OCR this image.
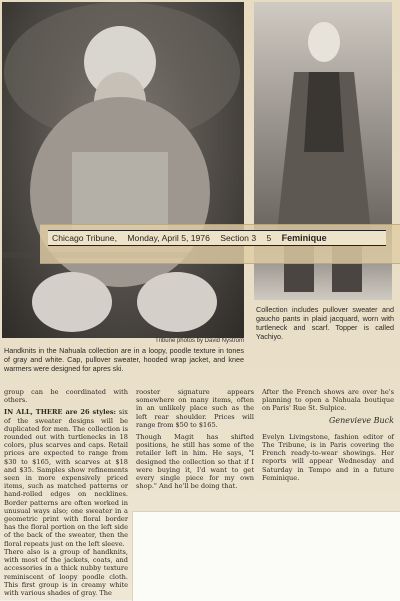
Tribune photos by David Nystrom
Chicago Tribune, Monday, April 5, 1976 Section 3 5 Feminique
Handknits in the Nahuala collection are in a loopy, poodle texture in tones of gray and white. Cap, pullover sweater, hooded wrap jacket, and knee warmers were designed for apres ski.
Collection includes pullover sweater and gaucho pants in plaid jacquard, worn with turtleneck and scarf. Topper is called Yachiyo.

group can be coordinated with others.

IN ALL, THERE are 26 styles: six of the sweater designs will be duplicated for men. The collection is rounded out with turtlenecks in 18 colors, plus scarves and caps. Retail prices are expected to range from $30 to $165, with scarves at $18 and $35. Samples show refinements seen in more expensively priced items, such as matched patterns or hand-rolled edges on necklines. Border patterns are often worked in unusual ways also; one sweater in a geometric print with floral border has the floral portion on the left side of the back of the sweater, then the floral repeats just on the left sleeve.

There also is a group of handknits, with most of the jackets, coats, and accessories in a thick nubby texture reminiscent of loopy poodle cloth. This first group is in creamy white with various shades of gray. The

rooster signature appears somewhere on many items, often in an unlikely place such as the left rear shoulder. Prices will range from $50 to $165.

Though Magit has shifted positions, he still has some of the retailer left in him. He says, "I designed the collection so that if I were buying it, I'd want to get every single piece for my own shop." And he'll be doing that.

After the French shows are over he's planning to open a Nahuala boutique on Paris' Rue St. Sulpice.

Genevieve Buck

Evelyn Livingstone, fashion editor of The Tribune, is in Paris covering the French ready-to-wear showings. Her reports will appear Wednesday and Saturday in Tempo and in a future Feminique.
